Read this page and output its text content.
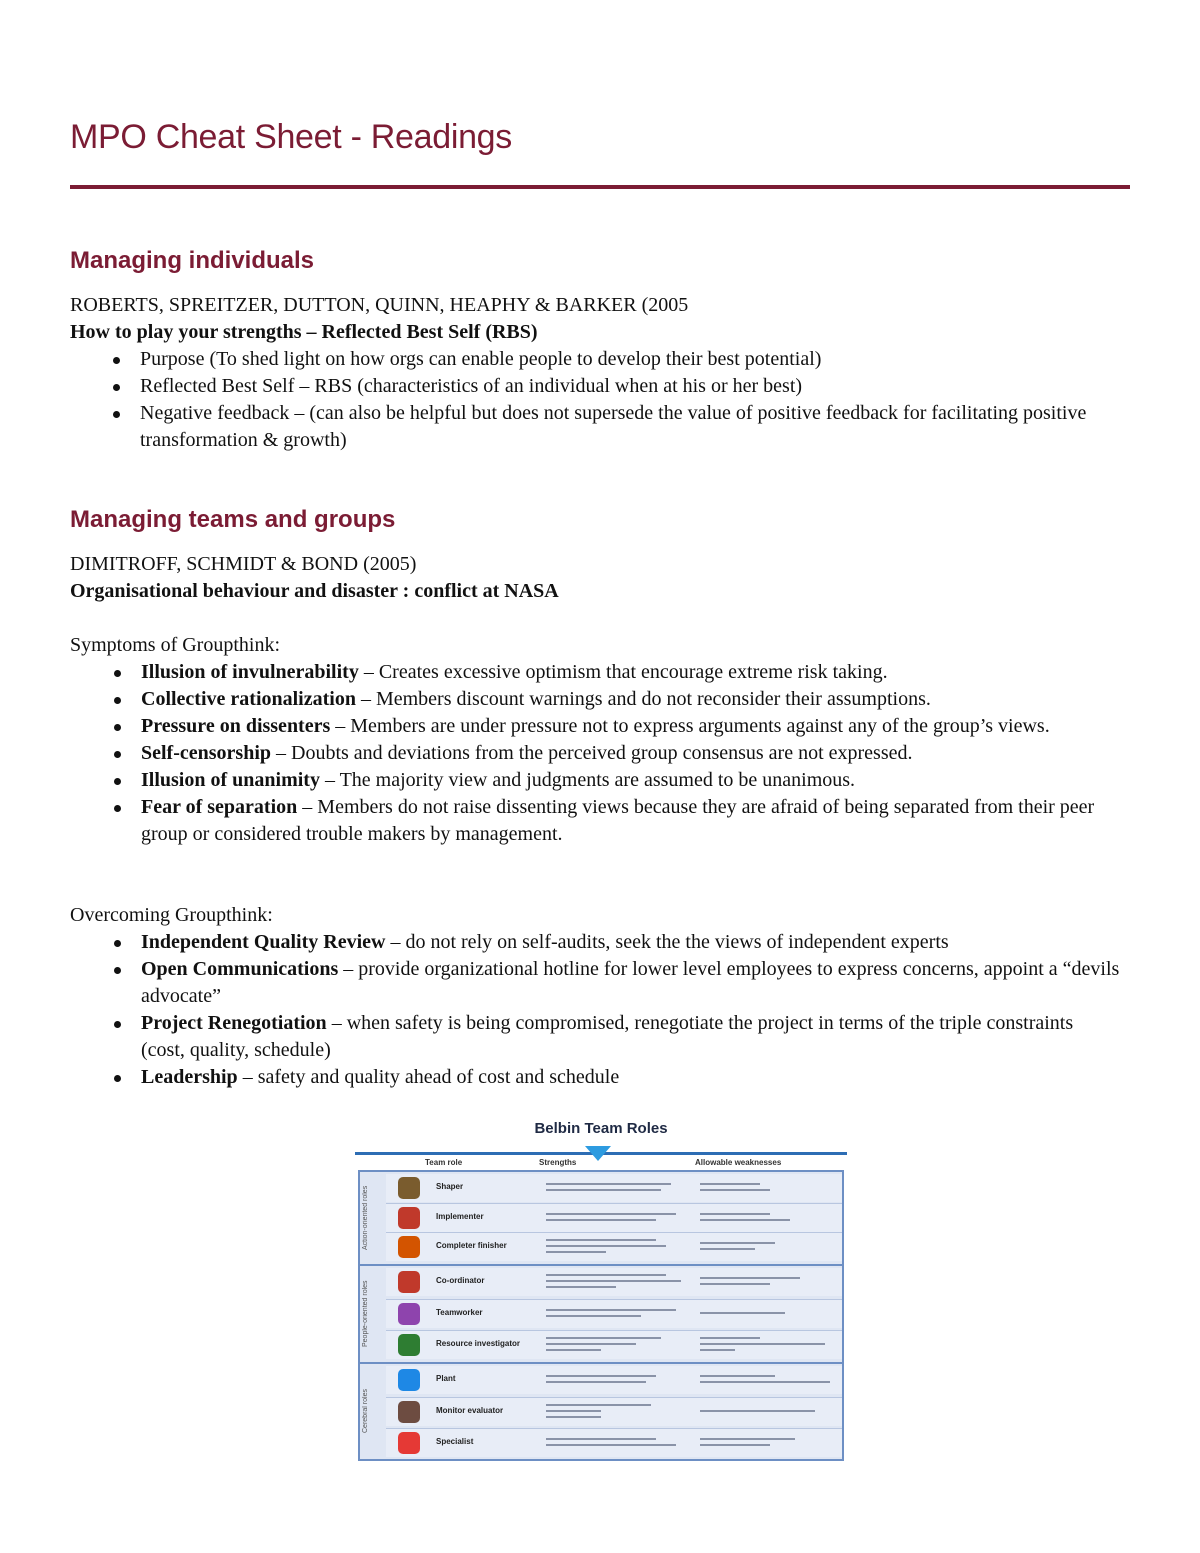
MPO Cheat Sheet - Readings
Managing individuals
ROBERTS, SPREITZER, DUTTON, QUINN, HEAPHY & BARKER (2005
How to play your strengths – Reflected Best Self (RBS)
Purpose (To shed light on how orgs can enable people to develop their best potential)
Reflected Best Self – RBS (characteristics of an individual when at his or her best)
Negative feedback – (can also be helpful but does not supersede the value of positive feedback for facilitating positive transformation & growth)
Managing teams and groups
DIMITROFF, SCHMIDT & BOND (2005)
Organisational behaviour and disaster : conflict at NASA
Symptoms of Groupthink:
Illusion of invulnerability – Creates excessive optimism that encourage extreme risk taking.
Collective rationalization – Members discount warnings and do not reconsider their assumptions.
Pressure on dissenters – Members are under pressure not to express arguments against any of the group’s views.
Self-censorship – Doubts and deviations from the perceived group consensus are not expressed.
Illusion of unanimity – The majority view and judgments are assumed to be unanimous.
Fear of separation – Members do not raise dissenting views because they are afraid of being separated from their peer group or considered trouble makers by management.
Overcoming Groupthink:
Independent Quality Review – do not rely on self-audits, seek the the views of independent experts
Open Communications – provide organizational hotline for lower level employees to express concerns, appoint a “devils advocate”
Project Renegotiation – when safety is being compromised, renegotiate the project in terms of the triple constraints (cost, quality, schedule)
Leadership – safety and quality ahead of cost and schedule
Belbin Team Roles
Team role	Strengths	Allowable weaknesses
Action-oriented roles	Shaper
Implementer
Completer finisher
People-oriented roles
Co-ordinator
Teamworker
Resource investigator
Cerebral roles
Plant
Monitor evaluator
Specialist
